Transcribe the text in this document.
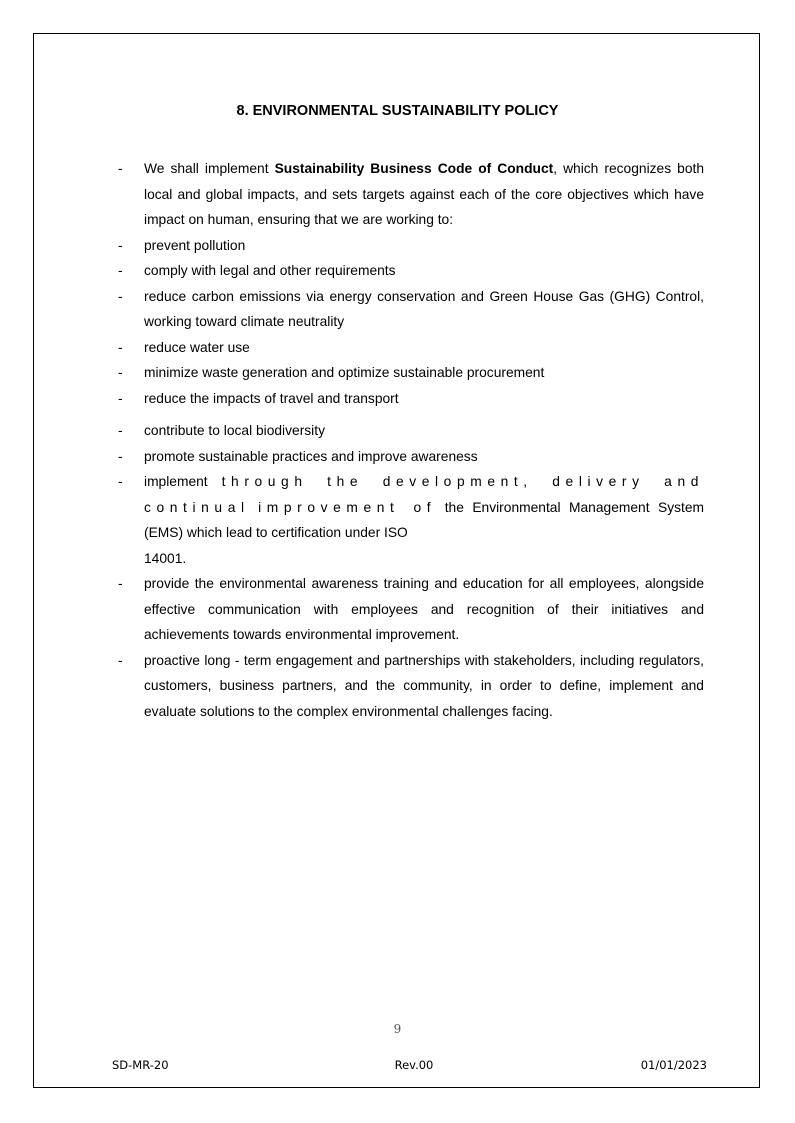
8. ENVIRONMENTAL SUSTAINABILITY POLICY

- We shall implement Sustainability Business Code of Conduct, which recognizes both local and global impacts, and sets targets against each of the core objectives which have impact on human, ensuring that we are working to:

- prevent pollution

- comply with legal and other requirements

- reduce carbon emissions via energy conservation and Green House Gas (GHG) Control, working toward climate neutrality

- reduce water use

- minimize waste generation and optimize sustainable procurement

- reduce the impacts of travel and transport

- contribute to local biodiversity

- promote sustainable practices and improve awareness

- implement through the development, delivery and continual improvement of the Environmental Management System (EMS) which lead to certification under ISO
14001.

- provide the environmental awareness training and education for all employees, alongside effective communication with employees and recognition of their initiatives and achievements towards environmental improvement.

- proactive long - term engagement and partnerships with stakeholders, including regulators, customers, business partners, and the community, in order to define, implement and evaluate solutions to the complex environmental challenges facing.

9
SD-MR-20	Rev.00	01/01/2023
